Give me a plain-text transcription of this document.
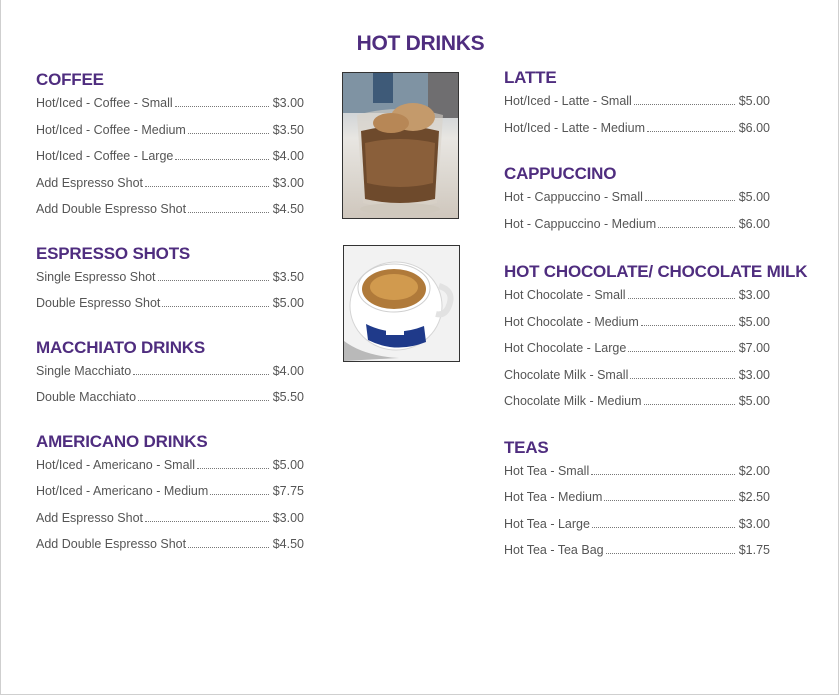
HOT DRINKS
COFFEE
Hot/Iced - Coffee - Small	$3.00
Hot/Iced - Coffee - Medium	$3.50
Hot/Iced - Coffee - Large	$4.00
Add Espresso Shot	$3.00
Add Double Espresso Shot	$4.50
ESPRESSO SHOTS
Single Espresso Shot	$3.50
Double Espresso Shot	$5.00
MACCHIATO DRINKS
Single Macchiato	$4.00
Double Macchiato	$5.50
AMERICANO DRINKS
Hot/Iced - Americano - Small	$5.00
Hot/Iced - Americano - Medium	$7.75
Add Espresso Shot	$3.00
Add Double Espresso Shot	$4.50
LATTE
Hot/Iced - Latte - Small	$5.00
Hot/Iced - Latte - Medium	$6.00
CAPPUCCINO
Hot - Cappuccino - Small	$5.00
Hot - Cappuccino - Medium	$6.00
HOT CHOCOLATE/ CHOCOLATE MILK
Hot Chocolate - Small	$3.00
Hot Chocolate - Medium	$5.00
Hot Chocolate - Large	$7.00
Chocolate Milk - Small	$3.00
Chocolate Milk - Medium	$5.00
TEAS
Hot Tea - Small	$2.00
Hot Tea - Medium	$2.50
Hot Tea - Large	$3.00
Hot Tea - Tea Bag	$1.75
